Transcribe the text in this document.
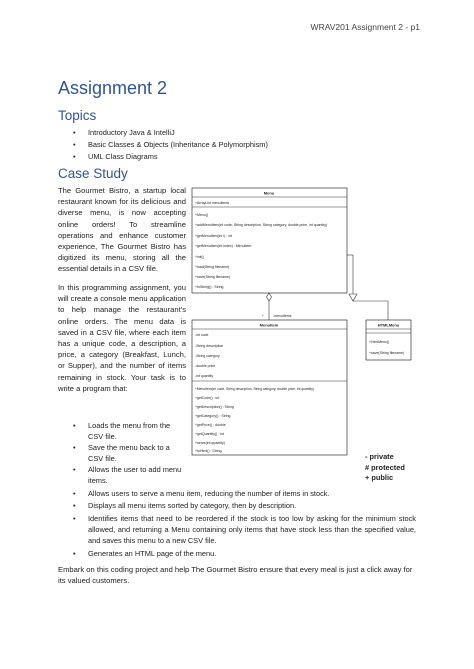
WRAV201 Assignment 2 - p1
Assignment 2
Topics
• Introductory Java & IntelliJ
• Basic Classes & Objects (Inheritance & Polymorphism)
• UML Class Diagrams
Case Study
The Gourmet Bistro, a startup local restaurant known for its delicious and diverse menu, is now accepting online orders! To streamline operations and enhance customer experience, The Gourmet Bistro has digitized its menu, storing all the essential details in a CSV file.
In this programming assignment, you will create a console menu application to help manage the restaurant's online orders. The menu data is saved in a CSV file, where each item has a unique code, a description, a price, a category (Breakfast, Lunch, or Supper), and the number of items remaining in stock. Your task is to write a program that:
• Loads the menu from the CSV file.
• Save the menu back to a CSV file.
• Allows the user to add menu items.
• Allows users to serve a menu item, reducing the number of items in stock.
• Displays all menu items sorted by category, then by description.
• Identifies items that need to be reordered if the stock is too low by asking for the minimum stock allowed, and returning a Menu containing only items that have stock less than the specified value, and saves this menu to a new CSV file.
• Generates an HTML page of the menu.
Embark on this coding project and help The Gourmet Bistro ensure that every meal is just a click away for its valued customers.
Menu
+ArrayList menuItems
+Menu()
+addMenuItem(int code, String description, String category, double price, int quantity)
+getMenuItem(int i) : int
+getMenuItem(int index) : MenuItem
+init()
+load(String filename)
+save(String filename)
+toString() : String
*	-menuItems
MenuItem
-int code
-String description
-String category
-double price
-int quantity
+MenuItem(int code, String description, String category, double price, int quantity)
+getCode() : int
+getDescription() : String
+getCategory() : String
+getPrice() : double
+getQuantity() : int
+serve(int quantity)
+toHtml() : String
HTMLMenu
+HtmlMenu()
+save(String filename)
- private
# protected
+ public
